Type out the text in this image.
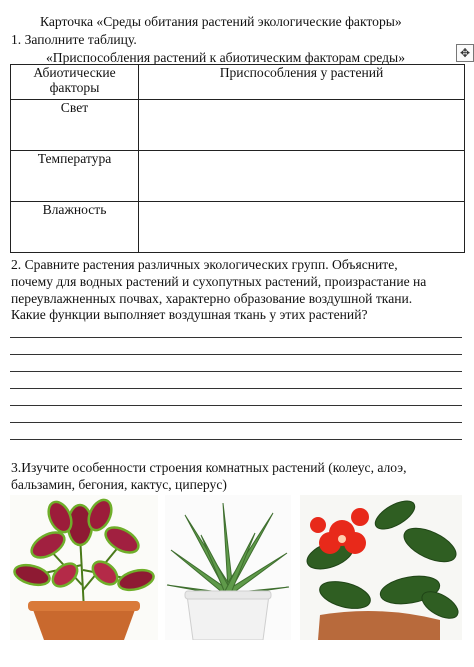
Карточка «Среды обитания растений экологические факторы»
1. Заполните таблицу.
«Приспособления растений к абиотическим факторам среды»	✥
Абиотические факторы	Приспособления у растений
Свет	
Температура	
Влажность	
2. Сравните растения различных экологических групп. Объясните,
почему для водных растений и сухопутных растений, произрастание на
переувлажненных почвах, характерно образование воздушной ткани.
Какие функции выполняет воздушная ткань у этих растений?
3.Изучите особенности строения комнатных растений (колеус, алоэ,
бальзамин, бегония, кактус, циперус)
